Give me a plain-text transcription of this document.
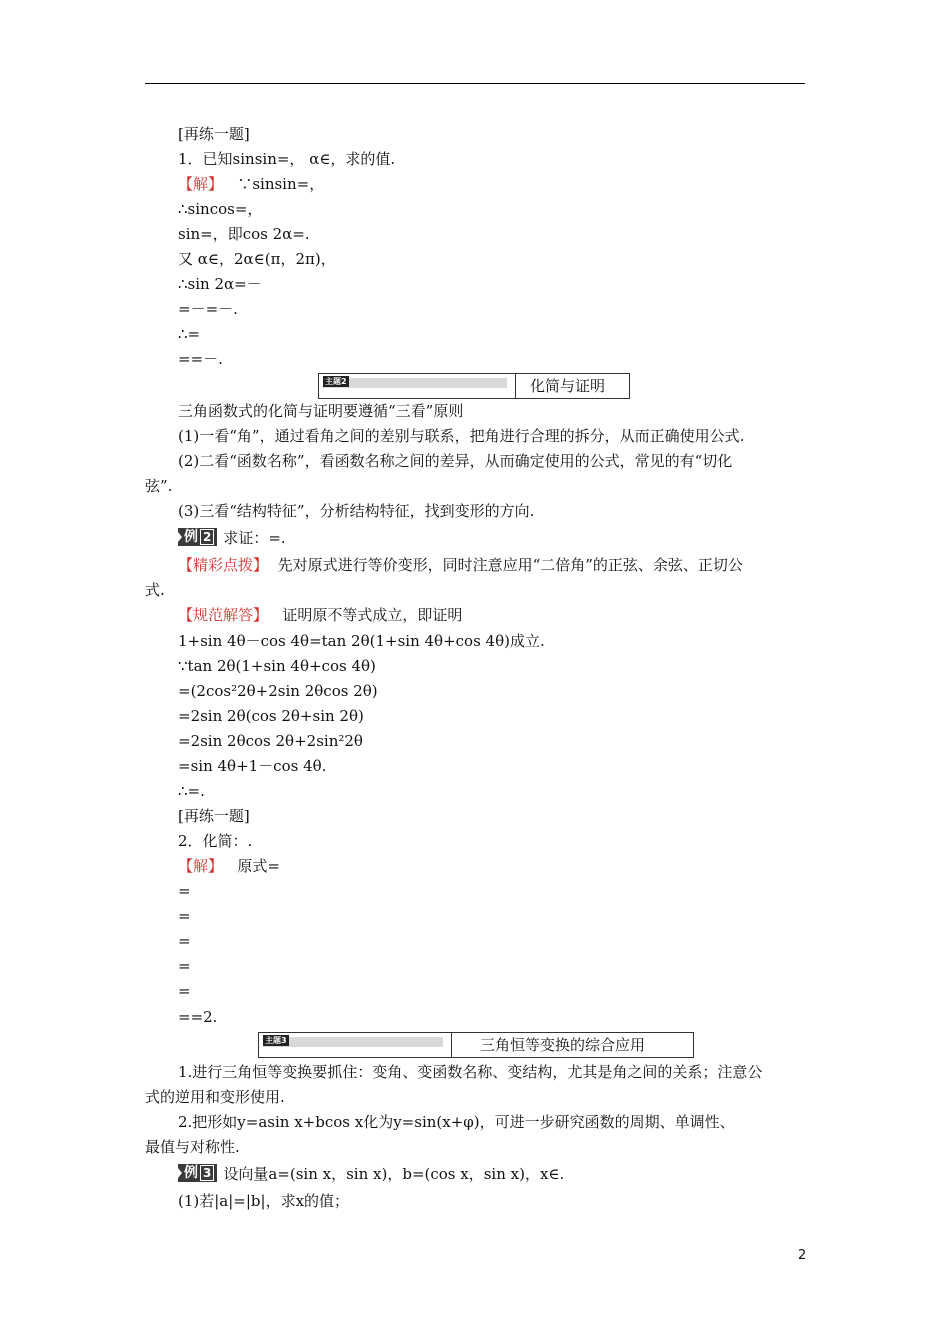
[再练一题]
1．已知sinsin=， α∈，求的值.
【解】 ∵sinsin=，
∴sincos=，
sin=，即cos 2α=.
又 α∈，2α∈(π，2π)，
∴sin 2α=－
=－=－.
∴=
==－.
主题2	化简与证明
三角函数式的化简与证明要遵循“三看”原则
(1)一看“角”，通过看角之间的差别与联系，把角进行合理的拆分，从而正确使用公式.
(2)二看“函数名称”，看函数名称之间的差异，从而确定使用的公式，常见的有“切化
弦”.
(3)三看“结构特征”，分析结构特征，找到变形的方向.
例 2 求证：=.
【精彩点拨】 先对原式进行等价变形，同时注意应用“二倍角”的正弦、余弦、正切公
式.
【规范解答】 证明原不等式成立，即证明
1+sin 4θ－cos 4θ=tan 2θ(1+sin 4θ+cos 4θ)成立.
∵tan 2θ(1+sin 4θ+cos 4θ)
=(2cos²2θ+2sin 2θcos 2θ)
=2sin 2θ(cos 2θ+sin 2θ)
=2sin 2θcos 2θ+2sin²2θ
=sin 4θ+1－cos 4θ.
∴=.
[再练一题]
2．化简：.
【解】 原式=
=
=
=
=
=
==2.
主题3	三角恒等变换的综合应用
1.进行三角恒等变换要抓住：变角、变函数名称、变结构，尤其是角之间的关系；注意公
式的逆用和变形使用.
2.把形如y=asin x+bcos x化为y=sin(x+φ)，可进一步研究函数的周期、单调性、
最值与对称性.
例 3 设向量a=(sin x，sin x)，b=(cos x，sin x)，x∈.
(1)若|a|=|b|，求x的值；
2
